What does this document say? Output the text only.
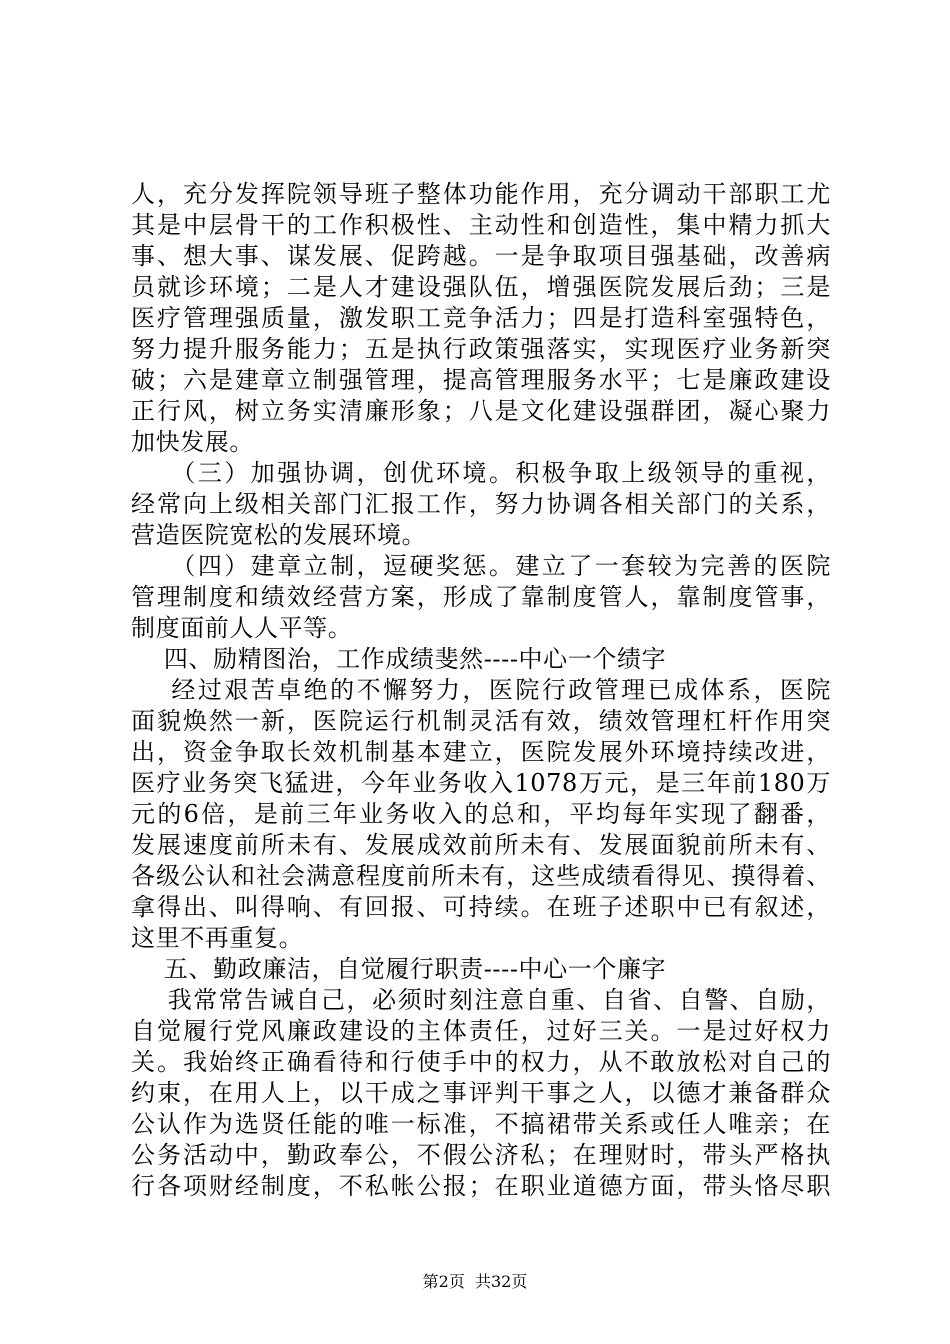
人，充分发挥院领导班子整体功能作用，充分调动干部职工尤
其是中层骨干的工作积极性、主动性和创造性，集中精力抓大
事、想大事、谋发展、促跨越。一是争取项目强基础，改善病
员就诊环境；二是人才建设强队伍，增强医院发展后劲；三是
医疗管理强质量，激发职工竞争活力；四是打造科室强特色，
努力提升服务能力；五是执行政策强落实，实现医疗业务新突
破；六是建章立制强管理，提高管理服务水平；七是廉政建设
正行风，树立务实清廉形象；八是文化建设强群团，凝心聚力
加快发展。
（三）加强协调，创优环境。积极争取上级领导的重视，
经常向上级相关部门汇报工作，努力协调各相关部门的关系，
营造医院宽松的发展环境。
（四）建章立制，逗硬奖惩。建立了一套较为完善的医院
管理制度和绩效经营方案，形成了靠制度管人，靠制度管事，
制度面前人人平等。
四、励精图治，工作成绩斐然----中心一个绩字
经过艰苦卓绝的不懈努力，医院行政管理已成体系，医院
面貌焕然一新，医院运行机制灵活有效，绩效管理杠杆作用突
出，资金争取长效机制基本建立，医院发展外环境持续改进，
医疗业务突飞猛进，今年业务收入1078万元，是三年前180万
元的6倍，是前三年业务收入的总和，平均每年实现了翻番，
发展速度前所未有、发展成效前所未有、发展面貌前所未有、
各级公认和社会满意程度前所未有，这些成绩看得见、摸得着、
拿得出、叫得响、有回报、可持续。在班子述职中已有叙述，
这里不再重复。
五、勤政廉洁，自觉履行职责----中心一个廉字
我常常告诫自己，必须时刻注意自重、自省、自警、自励，
自觉履行党风廉政建设的主体责任，过好三关。一是过好权力
关。我始终正确看待和行使手中的权力，从不敢放松对自己的
约束，在用人上，以干成之事评判干事之人，以德才兼备群众
公认作为选贤任能的唯一标准，不搞裙带关系或任人唯亲；在
公务活动中，勤政奉公，不假公济私；在理财时，带头严格执
行各项财经制度，不私帐公报；在职业道德方面，带头恪尽职
第2页  共32页
